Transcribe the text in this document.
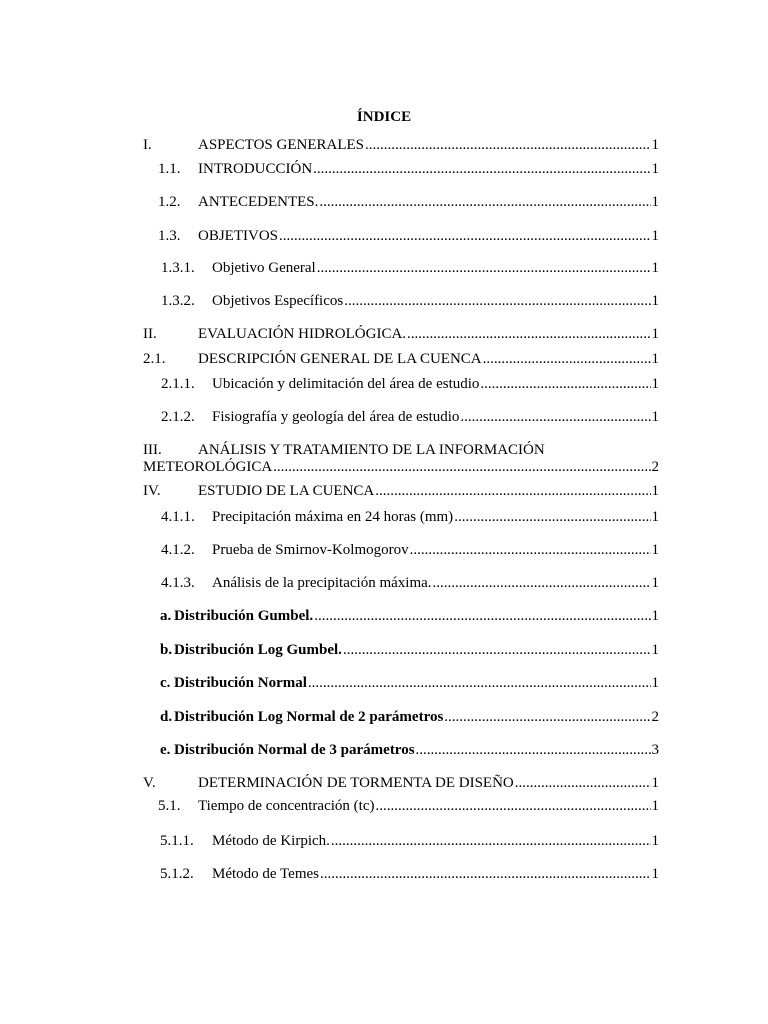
ÍNDICE
I.	ASPECTOS GENERALES .....	1
1.1.	INTRODUCCIÓN .....	1
1.2.	ANTECEDENTES. .....	1
1.3.	OBJETIVOS .....	1
1.3.1.	Objetivo General .....	1
1.3.2.	Objetivos Específicos .....	1
II.	EVALUACIÓN HIDROLÓGICA. .....	1
2.1.	DESCRIPCIÓN GENERAL DE LA CUENCA .....	1
2.1.1.	Ubicación y delimitación del área de estudio .....	1
2.1.2.	Fisiografía y geología del área de estudio .....	1
III.	ANÁLISIS Y TRATAMIENTO DE LA INFORMACIÓN
METEOROLÓGICA .....	2
IV.	ESTUDIO DE LA CUENCA .....	1
4.1.1.	Precipitación máxima en 24 horas (mm) .....	1
4.1.2.	Prueba de Smirnov-Kolmogorov .....	1
4.1.3.	Análisis de la precipitación máxima. .....	1
a. Distribución Gumbel. .....	1
b. Distribución Log Gumbel. .....	1
c. Distribución Normal .....	1
d. Distribución Log Normal de 2 parámetros .....	2
e. Distribución Normal de 3 parámetros .....	3
V.	DETERMINACIÓN DE TORMENTA DE DISEÑO .....	1
5.1.	Tiempo de concentración (tc) .....	1
5.1.1.	Método de Kirpich. .....	1
5.1.2.	Método de Temes .....	1
